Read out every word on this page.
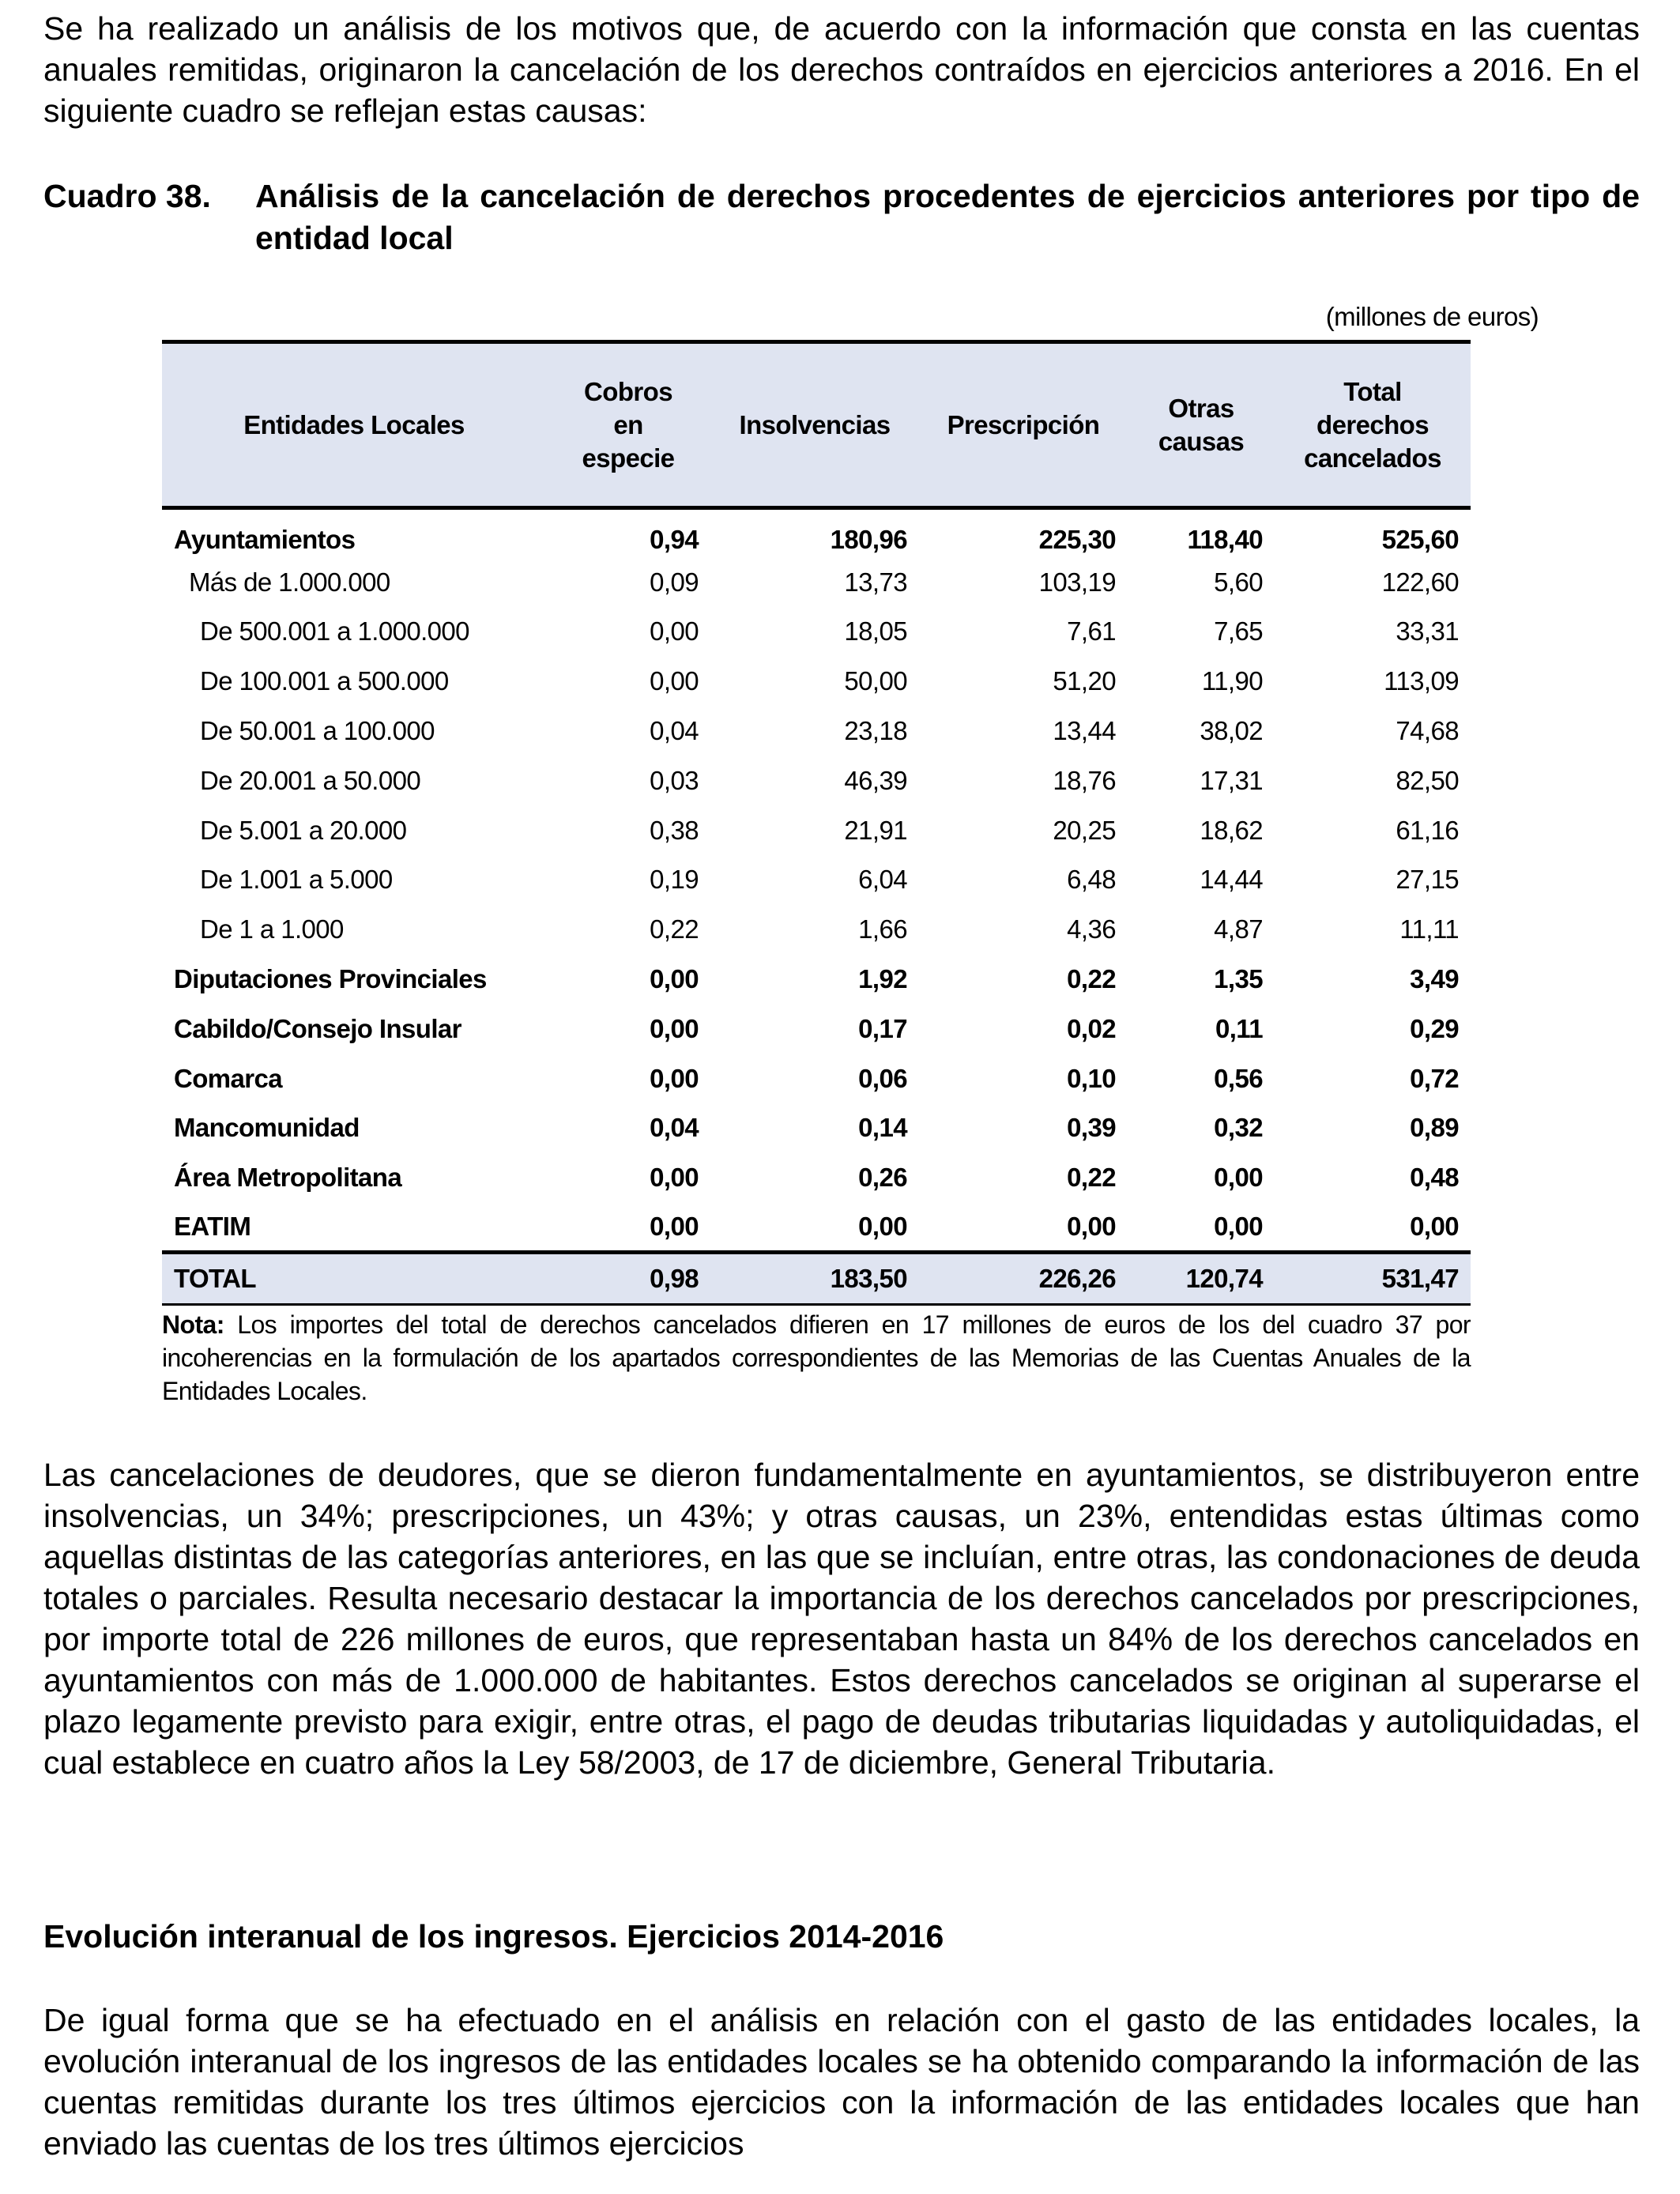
Se ha realizado un análisis de los motivos que, de acuerdo con la información que consta en las cuentas anuales remitidas, originaron la cancelación de los derechos contraídos en ejercicios anteriores a 2016. En el siguiente cuadro se reflejan estas causas:

Cuadro 38.	Análisis de la cancelación de derechos procedentes de ejercicios anteriores por tipo de entidad local
(millones de euros)
Entidades Locales	Cobros en especie	Insolvencias	Prescripción	Otras causas	Total derechos cancelados
Ayuntamientos	0,94	180,96	225,30	118,40	525,60
Más de 1.000.000	0,09	13,73	103,19	5,60	122,60
De 500.001 a 1.000.000	0,00	18,05	7,61	7,65	33,31
De 100.001 a 500.000	0,00	50,00	51,20	11,90	113,09
De 50.001 a 100.000	0,04	23,18	13,44	38,02	74,68
De 20.001 a 50.000	0,03	46,39	18,76	17,31	82,50
De 5.001 a 20.000	0,38	21,91	20,25	18,62	61,16
De 1.001 a 5.000	0,19	6,04	6,48	14,44	27,15
De 1 a 1.000	0,22	1,66	4,36	4,87	11,11
Diputaciones Provinciales	0,00	1,92	0,22	1,35	3,49
Cabildo/Consejo Insular	0,00	0,17	0,02	0,11	0,29
Comarca	0,00	0,06	0,10	0,56	0,72
Mancomunidad	0,04	0,14	0,39	0,32	0,89
Área Metropolitana	0,00	0,26	0,22	0,00	0,48
EATIM	0,00	0,00	0,00	0,00	0,00
TOTAL	0,98	183,50	226,26	120,74	531,47
Nota: Los importes del total de derechos cancelados difieren en 17 millones de euros de los del cuadro 37 por incoherencias en la formulación de los apartados correspondientes de las Memorias de las Cuentas Anuales de la Entidades Locales.

Las cancelaciones de deudores, que se dieron fundamentalmente en ayuntamientos, se distribuyeron entre insolvencias, un 34%; prescripciones, un 43%; y otras causas, un 23%, entendidas estas últimas como aquellas distintas de las categorías anteriores, en las que se incluían, entre otras, las condonaciones de deuda totales o parciales. Resulta necesario destacar la importancia de los derechos cancelados por prescripciones, por importe total de 226 millones de euros, que representaban hasta un 84% de los derechos cancelados en ayuntamientos con más de 1.000.000 de habitantes. Estos derechos cancelados se originan al superarse el plazo legamente previsto para exigir, entre otras, el pago de deudas tributarias liquidadas y autoliquidadas, el cual establece en cuatro años la Ley 58/2003, de 17 de diciembre, General Tributaria.

Evolución interanual de los ingresos. Ejercicios 2014-2016

De igual forma que se ha efectuado en el análisis en relación con el gasto de las entidades locales, la evolución interanual de los ingresos de las entidades locales se ha obtenido comparando la información de las cuentas remitidas durante los tres últimos ejercicios con la información de las entidades locales que han enviado las cuentas de los tres últimos ejercicios
